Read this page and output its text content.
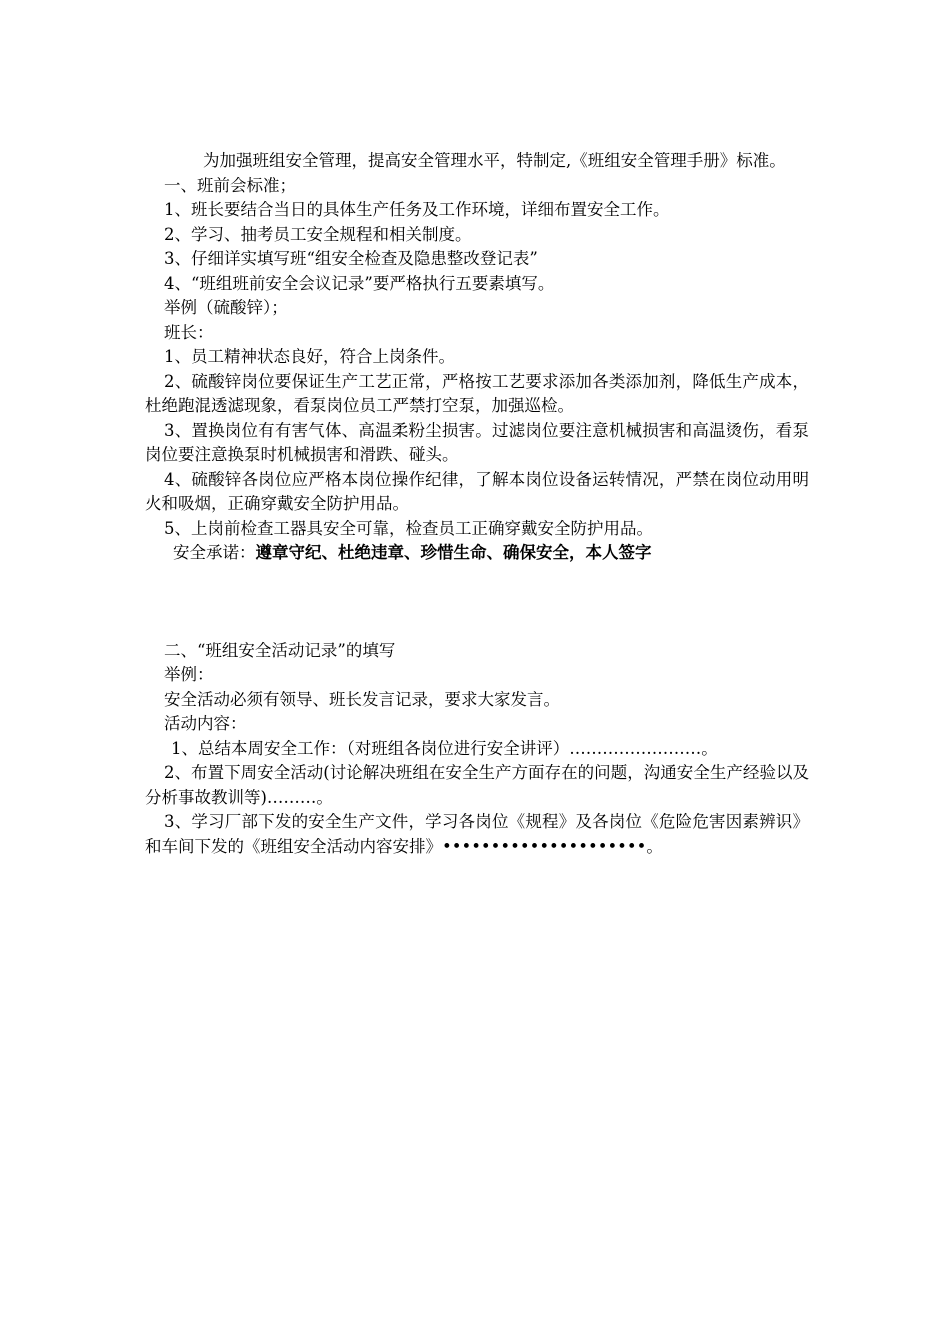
为加强班组安全管理，提高安全管理水平，特制定,《班组安全管理手册》标准。

一、班前会标准；

1、班长要结合当日的具体生产任务及工作环境，详细布置安全工作。

2、学习、抽考员工安全规程和相关制度。

3、仔细详实填写班“组安全检查及隐患整改登记表”

4、“班组班前安全会议记录”要严格执行五要素填写。

举例（硫酸锌）；

班长：

1、员工精神状态良好，符合上岗条件。

2、硫酸锌岗位要保证生产工艺正常，严格按工艺要求添加各类添加剂，降低生产成本，杜绝跑混透滤现象，看泵岗位员工严禁打空泵，加强巡检。

3、置换岗位有有害气体、高温柔粉尘损害。过滤岗位要注意机械损害和高温烫伤，看泵岗位要注意换泵时机械损害和滑跌、碰头。

4、硫酸锌各岗位应严格本岗位操作纪律，了解本岗位设备运转情况，严禁在岗位动用明火和吸烟，正确穿戴安全防护用品。

5、上岗前检查工器具安全可靠，检查员工正确穿戴安全防护用品。

安全承诺：遵章守纪、杜绝违章、珍惜生命、确保安全，本人签字

二、“班组安全活动记录”的填写

举例：

安全活动必须有领导、班长发言记录，要求大家发言。

活动内容：

1、总结本周安全工作：（对班组各岗位进行安全讲评）……………………。

2、布置下周安全活动(讨论解决班组在安全生产方面存在的问题，沟通安全生产经验以及分析事故教训等)………。

3、学习厂部下发的安全生产文件，学习各岗位《规程》及各岗位《危险危害因素辨识》和车间下发的《班组安全活动内容安排》•••••••••••••••••••••。
